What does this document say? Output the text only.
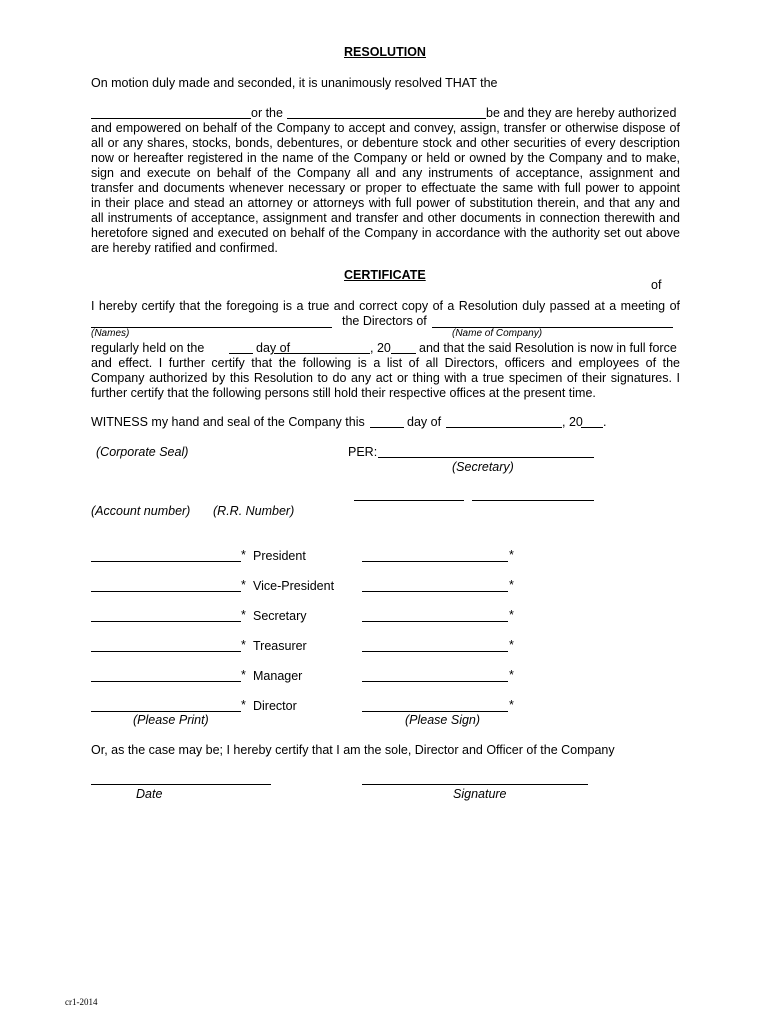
RESOLUTION
On motion duly made and seconded, it is unanimously resolved THAT the
or the	be and they are hereby authorized
and empowered on behalf of the Company to accept and convey, assign, transfer or otherwise dispose of
all or any shares, stocks, bonds, debentures, or debenture stock and other securities of every description
now or hereafter registered in the name of the Company or held or owned by the Company and to make,
sign and execute on behalf of the Company all and any instruments of acceptance, assignment and
transfer and documents whenever necessary or proper to effectuate the same with full power to appoint
in their place and stead an attorney or attorneys with full power of substitution therein, and that any and
all instruments of acceptance, assignment and transfer and other documents in connection therewith and
heretofore signed and executed on behalf of the Company in accordance with the authority set out above
are hereby ratified and confirmed.
CERTIFICATE
of
I hereby certify that the foregoing is a true and correct copy of a Resolution duly passed at a meeting of
the Directors of
(Names)	(Name of Company)
regularly held on the	day of	, 20 and that the said Resolution is now in full force
and effect. I further certify that the following is a list of all Directors, officers and employees of the
Company authorized by this Resolution to do any act or thing with a true specimen of their signatures. I
further certify that the following persons still hold their respective offices at the present time.
WITNESS my hand and seal of the Company this	day of	, 20 .
(Corporate Seal)	PER:
(Secretary)
(Account number) (R.R. Number)
* President	*
* Vice-President	*
* Secretary	*
* Treasurer	*
* Manager	*
* Director	*
(Please Print)	(Please Sign)
Or, as the case may be; I hereby certify that I am the sole, Director and Officer of the Company
Date	Signature
cr1-2014
